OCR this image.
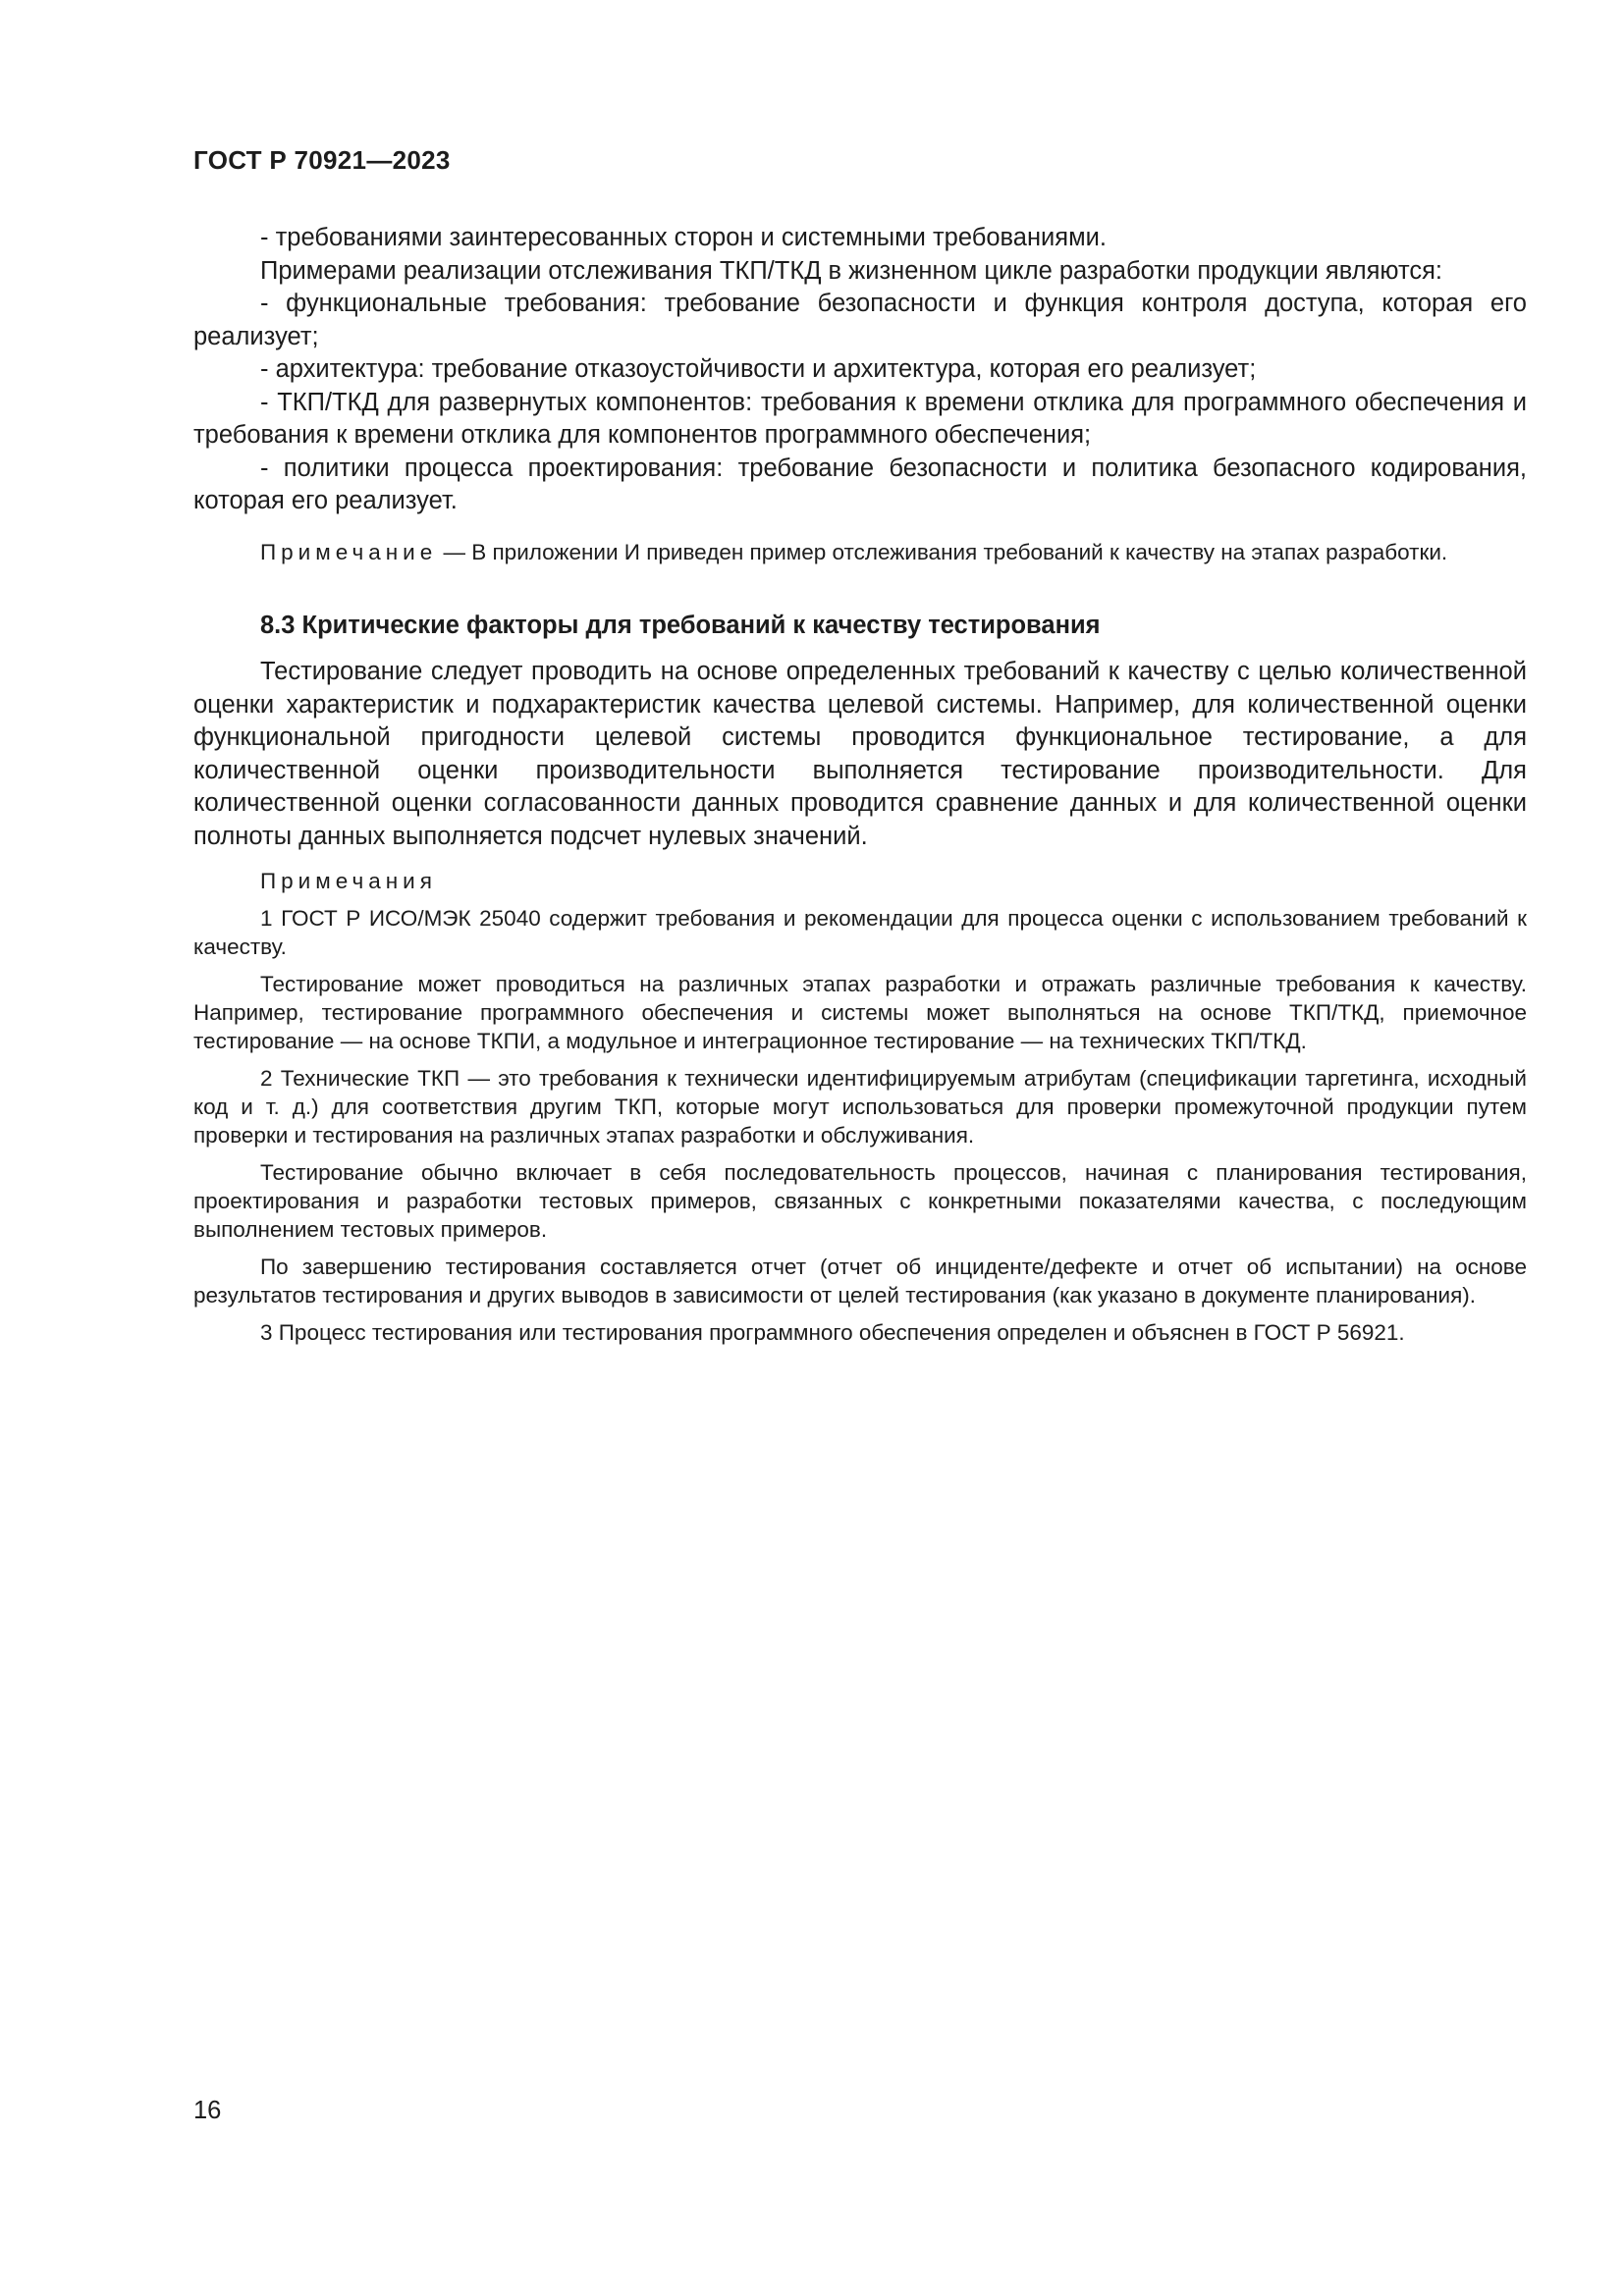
ГОСТ Р 70921—2023

- требованиями заинтересованных сторон и системными требованиями.

Примерами реализации отслеживания ТКП/ТКД в жизненном цикле разработки продукции являются:

- функциональные требования: требование безопасности и функция контроля доступа, которая его реализует;

- архитектура: требование отказоустойчивости и архитектура, которая его реализует;

- ТКП/ТКД для развернутых компонентов: требования к времени отклика для программного обеспечения и требования к времени отклика для компонентов программного обеспечения;

- политики процесса проектирования: требование безопасности и политика безопасного кодирования, которая его реализует.

Примечание — В приложении И приведен пример отслеживания требований к качеству на этапах разработки.

8.3 Критические факторы для требований к качеству тестирования

Тестирование следует проводить на основе определенных требований к качеству с целью количественной оценки характеристик и подхарактеристик качества целевой системы. Например, для количественной оценки функциональной пригодности целевой системы проводится функциональное тестирование, а для количественной оценки производительности выполняется тестирование производительности. Для количественной оценки согласованности данных проводится сравнение данных и для количественной оценки полноты данных выполняется подсчет нулевых значений.

Примечания

1 ГОСТ Р ИСО/МЭК 25040 содержит требования и рекомендации для процесса оценки с использованием требований к качеству.

Тестирование может проводиться на различных этапах разработки и отражать различные требования к качеству. Например, тестирование программного обеспечения и системы может выполняться на основе ТКП/ТКД, приемочное тестирование — на основе ТКПИ, а модульное и интеграционное тестирование — на технических ТКП/ТКД.

2 Технические ТКП — это требования к технически идентифицируемым атрибутам (спецификации таргетинга, исходный код и т. д.) для соответствия другим ТКП, которые могут использоваться для проверки промежуточной продукции путем проверки и тестирования на различных этапах разработки и обслуживания.

Тестирование обычно включает в себя последовательность процессов, начиная с планирования тестирования, проектирования и разработки тестовых примеров, связанных с конкретными показателями качества, с последующим выполнением тестовых примеров.

По завершению тестирования составляется отчет (отчет об инциденте/дефекте и отчет об испытании) на основе результатов тестирования и других выводов в зависимости от целей тестирования (как указано в документе планирования).

3 Процесс тестирования или тестирования программного обеспечения определен и объяснен в ГОСТ Р 56921.

16
